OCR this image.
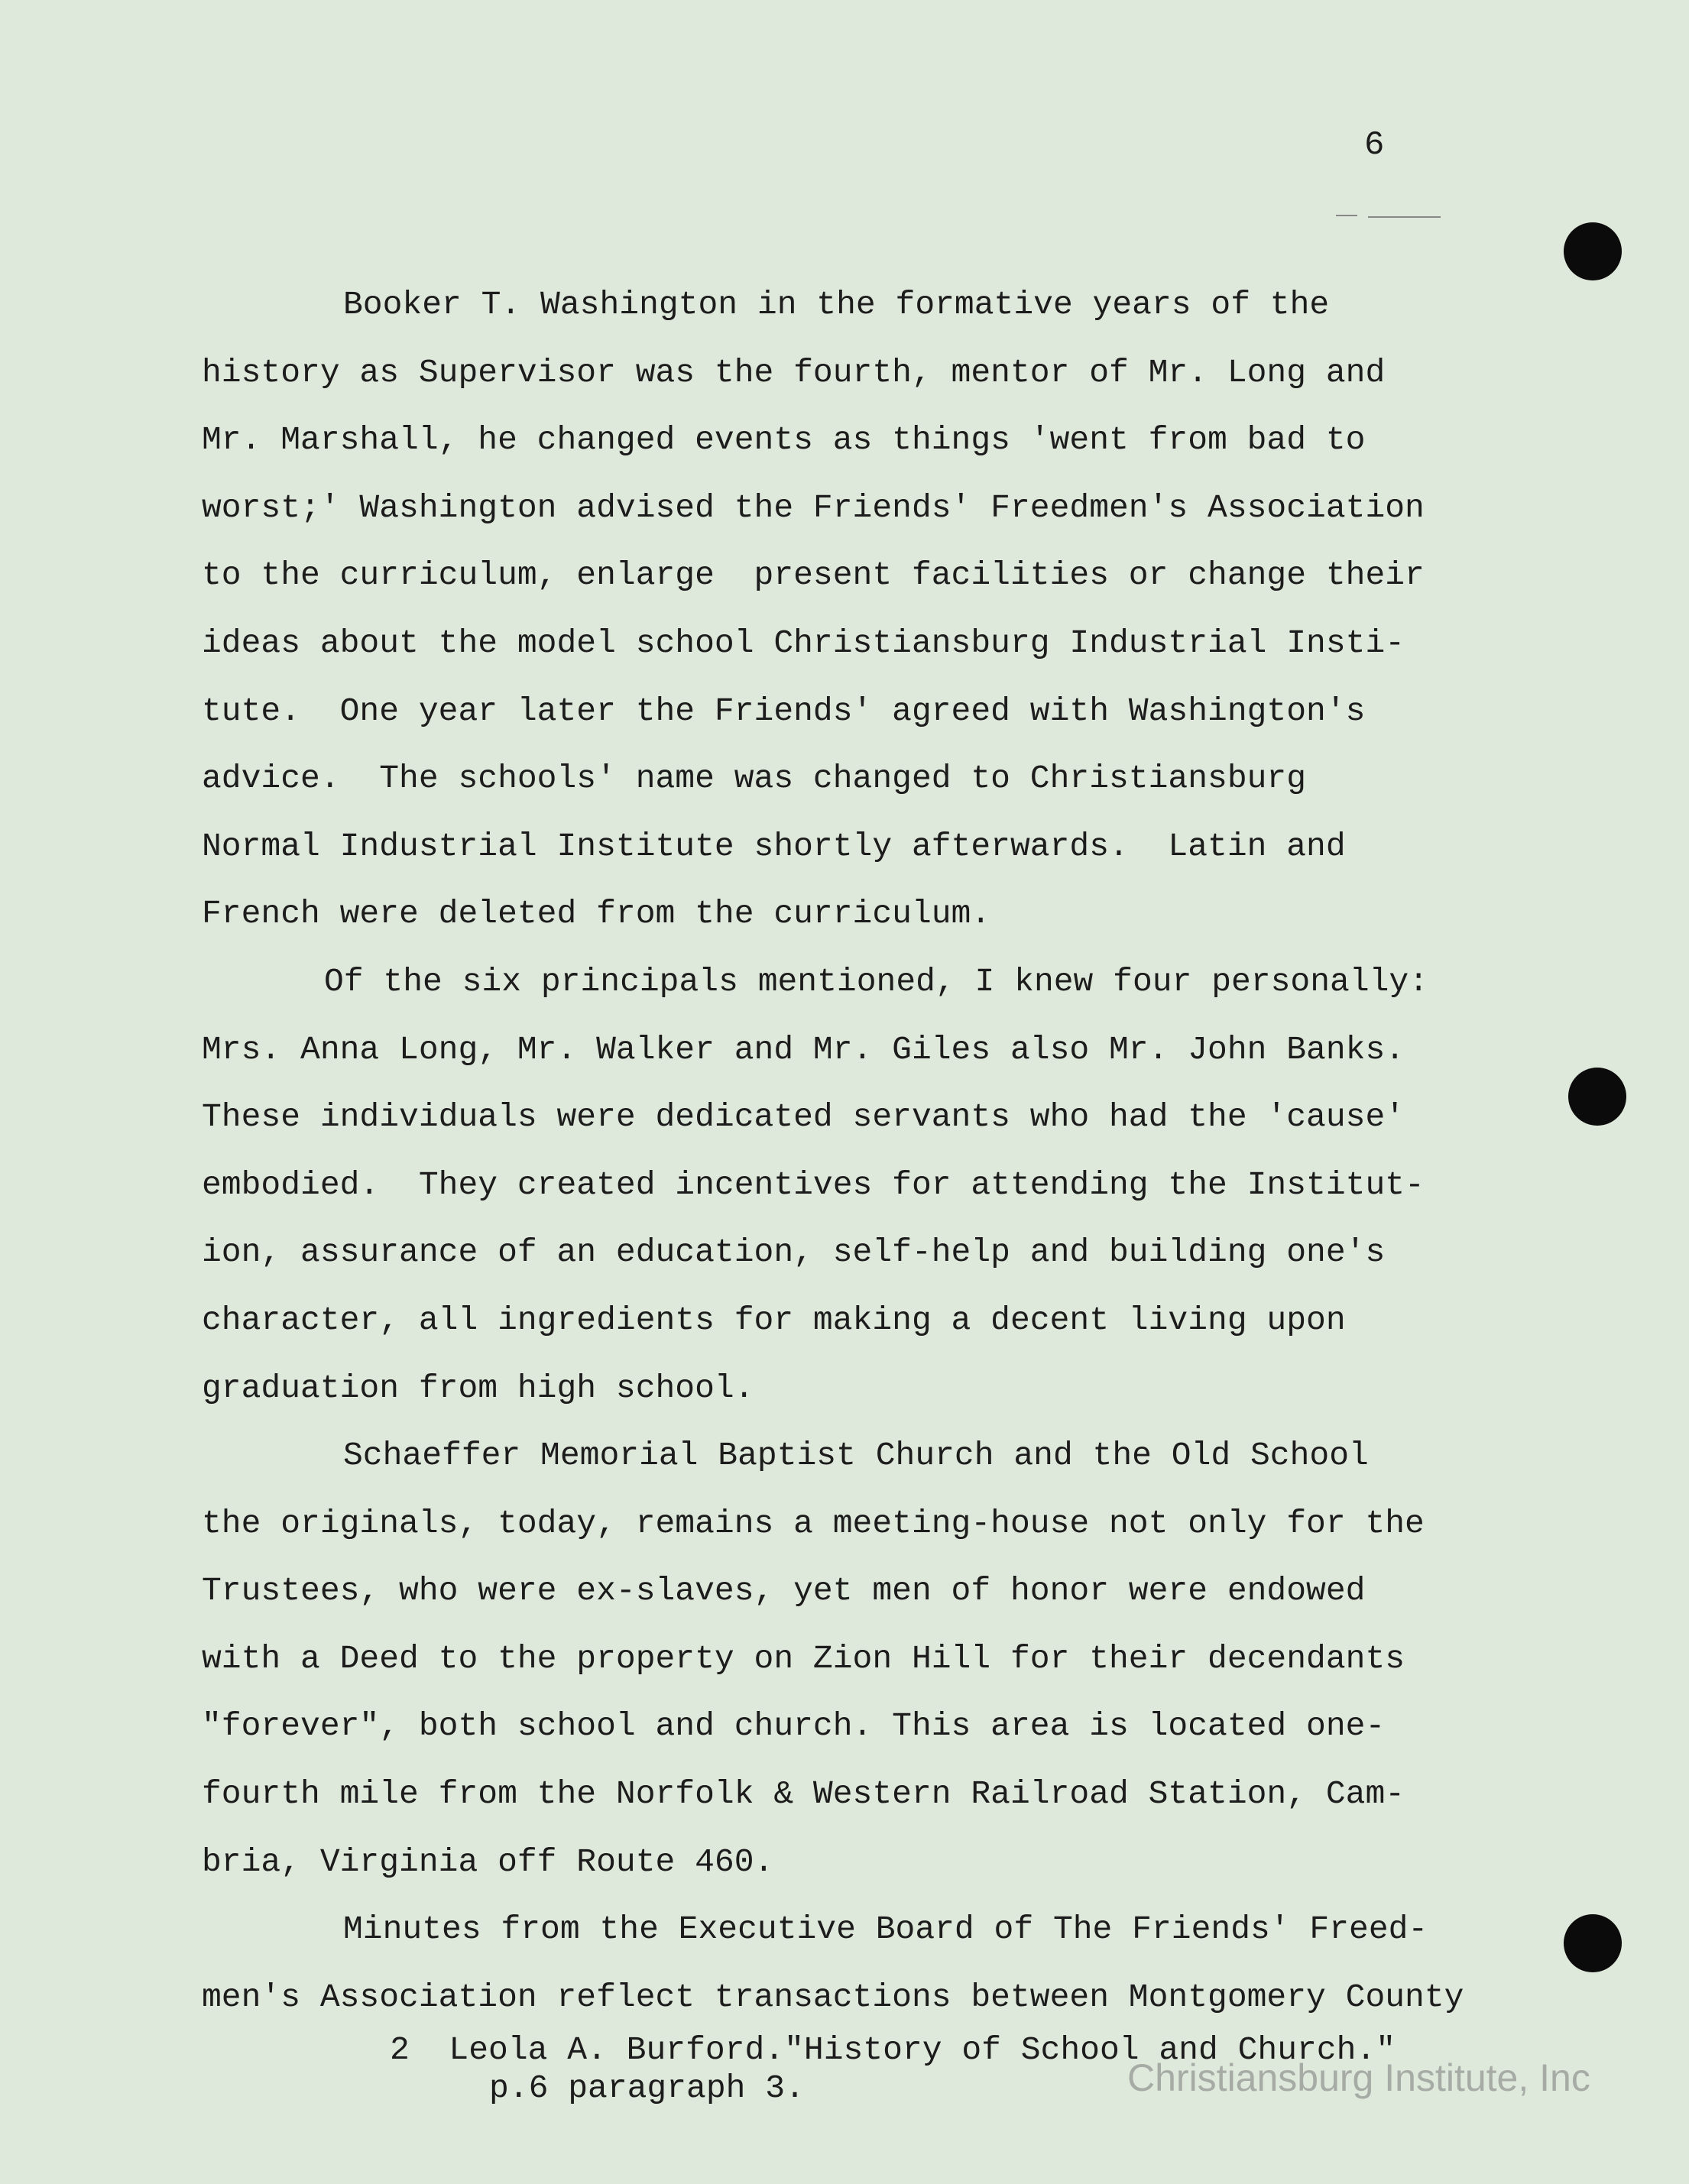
6
Booker T. Washington in the formative years of the
history as Supervisor was the fourth, mentor of Mr. Long and
Mr. Marshall, he changed events as things 'went from bad to
worst;' Washington advised the Friends' Freedmen's Association
to the curriculum, enlarge  present facilities or change their
ideas about the model school Christiansburg Industrial Insti-
tute.  One year later the Friends' agreed with Washington's
advice.  The schools' name was changed to Christiansburg
Normal Industrial Institute shortly afterwards.  Latin and
French were deleted from the curriculum.
Of the six principals mentioned, I knew four personally:
Mrs. Anna Long, Mr. Walker and Mr. Giles also Mr. John Banks.
These individuals were dedicated servants who had the 'cause'
embodied.  They created incentives for attending the Institut-
ion, assurance of an education, self-help and building one's
character, all ingredients for making a decent living upon
graduation from high school.
Schaeffer Memorial Baptist Church and the Old School
the originals, today, remains a meeting-house not only for the
Trustees, who were ex-slaves, yet men of honor were endowed
with a Deed to the property on Zion Hill for their decendants
"forever", both school and church. This area is located one-
fourth mile from the Norfolk & Western Railroad Station, Cam-
bria, Virginia off Route 460.
Minutes from the Executive Board of The Friends' Freed-
men's Association reflect transactions between Montgomery County
2  Leola A. Burford."History of School and Church."
p.6 paragraph 3.	Christiansburg Institute, Inc
